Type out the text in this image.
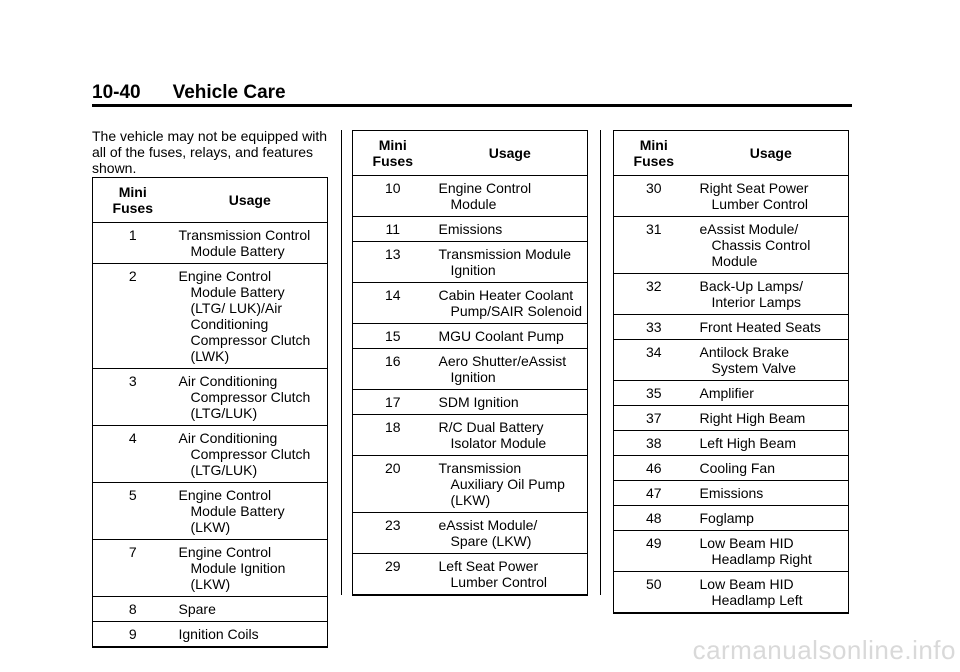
10-40 Vehicle Care
The vehicle may not be equipped with all of the fuses, relays, and features shown.
Mini Fuses	Usage
1	Transmission Control
Module Battery

2	Engine Control
Module Battery (LTG/ LUK)/Air Conditioning Compressor Clutch (LWK)

3	Air Conditioning
Compressor Clutch (LTG/LUK)

4	Air Conditioning
Compressor Clutch (LTG/LUK)

5	Engine Control
Module Battery (LKW)

7	Engine Control
Module Ignition (LKW)

8	Spare

9	Ignition Coils
Mini Fuses	Usage
10	Engine Control
Module

11	Emissions

13	Transmission Module
Ignition

14	Cabin Heater Coolant
Pump/SAIR Solenoid

15	MGU Coolant Pump

16	Aero Shutter/eAssist
Ignition

17	SDM Ignition

18	R/C Dual Battery
Isolator Module

20	Transmission
Auxiliary Oil Pump (LKW)

23	eAssist Module/
Spare (LKW)

29	Left Seat Power
Lumber Control
Mini Fuses	Usage
30	Right Seat Power
Lumber Control

31	eAssist Module/
Chassis Control Module

32	Back-Up Lamps/
Interior Lamps

33	Front Heated Seats

34	Antilock Brake
System Valve

35	Amplifier

37	Right High Beam

38	Left High Beam

46	Cooling Fan

47	Emissions

48	Foglamp

49	Low Beam HID
Headlamp Right

50	Low Beam HID
Headlamp Left
carmanualsonline.info
